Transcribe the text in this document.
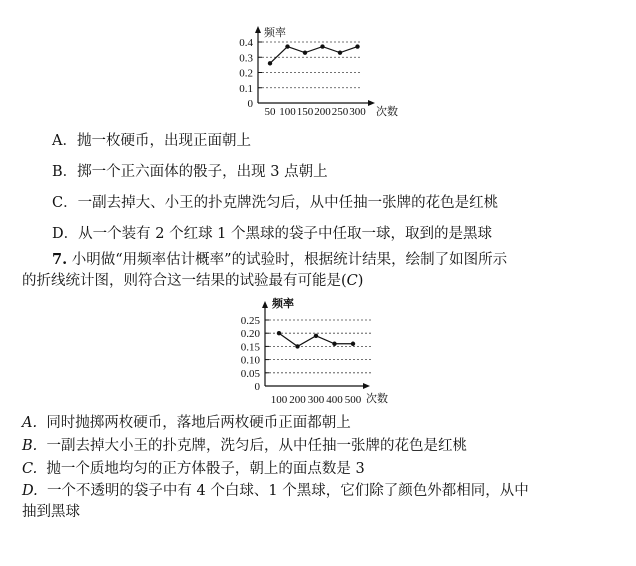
0
0.1
0.2
0.3
0.4
50 100 150 200 250 300
频率
次数
A．抛一枚硬币，出现正面朝上
B．掷一个正六面体的骰子，出现 3 点朝上
C．一副去掉大、小王的扑克牌洗匀后，从中任抽一张牌的花色是红桃
D．从一个装有 2 个红球 1 个黑球的袋子中任取一球，取到的是黑球
7. 小明做“用频率估计概率”的试验时，根据统计结果，绘制了如图所示
的折线统计图，则符合这一结果的试验最有可能是(C)
0
0.05
0.10
0.15
0.20
0.25
100 200 300 400 500
频率
次数
A. 同时抛掷两枚硬币，落地后两枚硬币正面都朝上
B. 一副去掉大小王的扑克牌，洗匀后，从中任抽一张牌的花色是红桃
C. 抛一个质地均匀的正方体骰子，朝上的面点数是 3
D. 一个不透明的袋子中有 4 个白球、1 个黑球，它们除了颜色外都相同，从中
抽到黑球
